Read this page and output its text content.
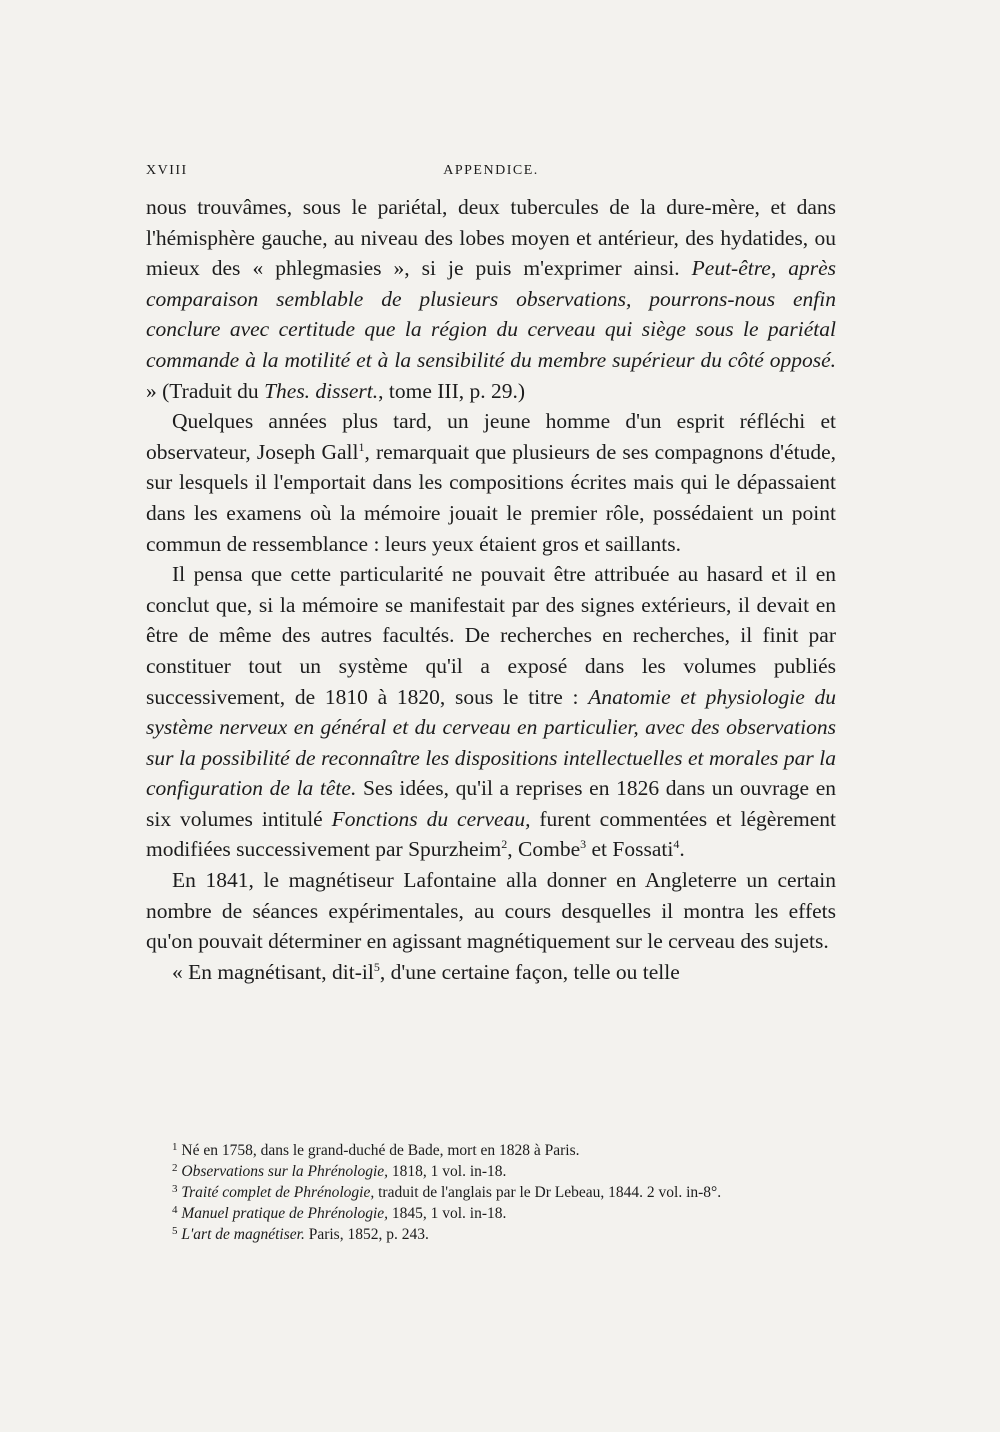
XVIII	APPENDICE.

nous trouvâmes, sous le pariétal, deux tubercules de la dure-mère, et dans l'hémisphère gauche, au niveau des lobes moyen et antérieur, des hydatides, ou mieux des « phlegmasies », si je puis m'exprimer ainsi. Peut-être, après comparaison semblable de plusieurs observations, pourrons-nous enfin conclure avec certitude que la région du cerveau qui siège sous le pariétal commande à la motilité et à la sensibilité du membre supérieur du côté opposé. » (Traduit du Thes. dissert., tome III, p. 29.)

Quelques années plus tard, un jeune homme d'un esprit réfléchi et observateur, Joseph Gall$^1$, remarquait que plusieurs de ses compagnons d'étude, sur lesquels il l'emportait dans les compositions écrites mais qui le dépassaient dans les examens où la mémoire jouait le premier rôle, possédaient un point commun de ressemblance : leurs yeux étaient gros et saillants.

Il pensa que cette particularité ne pouvait être attribuée au hasard et il en conclut que, si la mémoire se manifestait par des signes extérieurs, il devait en être de même des autres facultés. De recherches en recherches, il finit par constituer tout un système qu'il a exposé dans les volumes publiés successivement, de 1810 à 1820, sous le titre : Anatomie et physiologie du système nerveux en général et du cerveau en particulier, avec des observations sur la possibilité de reconnaître les dispositions intellectuelles et morales par la configuration de la tête. Ses idées, qu'il a reprises en 1826 dans un ouvrage en six volumes intitulé Fonctions du cerveau, furent commentées et légèrement modifiées successivement par Spurzheim$^2$, Combe$^3$ et Fossati$^4$.

En 1841, le magnétiseur Lafontaine alla donner en Angleterre un certain nombre de séances expérimentales, au cours desquelles il montra les effets qu'on pouvait déterminer en agissant magnétiquement sur le cerveau des sujets.

« En magnétisant, dit-$il^5$, d'une certaine façon, telle ou telle

$^1$ Né en 1758, dans le grand-duché de Bade, mort en 1828 à Paris.

$^2$ Observations sur la Phrénologie, 1818, 1 vol. in-18.

$^3$ Traité complet de Phrénologie, traduit de l'anglais par le Dr Lebeau, 1844. 2 vol. in-8°.

$^4$ Manuel pratique de Phrénologie, 1845, 1 vol. in-18.

$^5$ L'art de magnétiser. Paris, 1852, p. 243.
